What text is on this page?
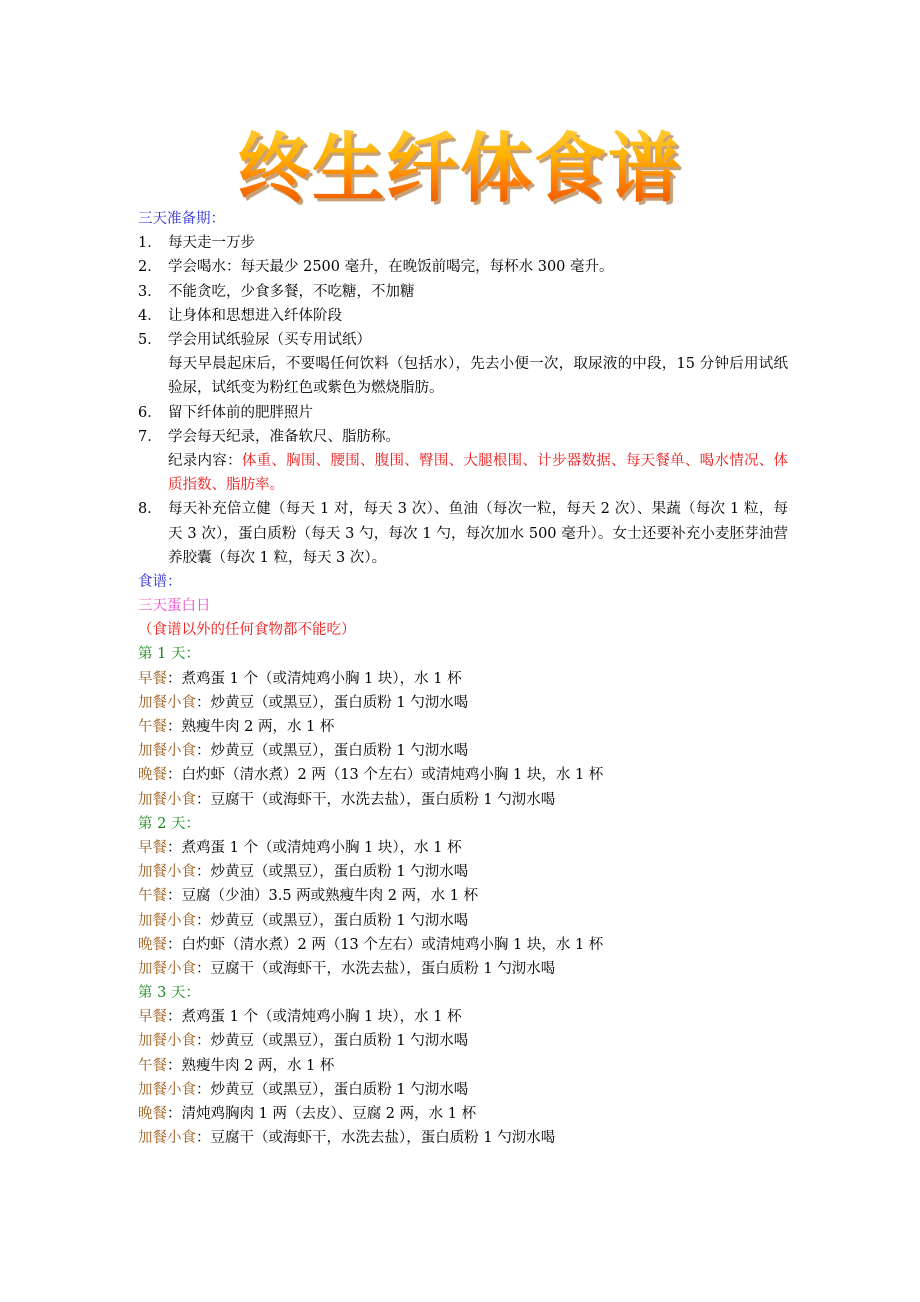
终生纤体食谱
三天准备期：
1． 每天走一万步
2． 学会喝水：每天最少 2500 毫升，在晚饭前喝完，每杯水 300 毫升。
3． 不能贪吃，少食多餐，不吃糖，不加糖
4． 让身体和思想进入纤体阶段
5． 学会用试纸验尿（买专用试纸）
每天早晨起床后，不要喝任何饮料（包括水），先去小便一次，取尿液的中段，15 分钟后用试纸验尿，试纸变为粉红色或紫色为燃烧脂肪。
6． 留下纤体前的肥胖照片
7． 学会每天纪录，准备软尺、脂肪称。
纪录内容：体重、胸围、腰围、腹围、臀围、大腿根围、计步器数据、每天餐单、喝水情况、体质指数、脂肪率。
8． 每天补充倍立健（每天 1 对，每天 3 次）、鱼油（每次一粒，每天 2 次）、果蔬（每次 1 粒，每天 3 次），蛋白质粉（每天 3 勺，每次 1 勺，每次加水 500 毫升）。女士还要补充小麦胚芽油营养胶囊（每次 1 粒，每天 3 次）。
食谱：
三天蛋白日
（食谱以外的任何食物都不能吃）
第 1 天：
早餐：煮鸡蛋 1 个（或清炖鸡小胸 1 块），水 1 杯
加餐小食：炒黄豆（或黑豆），蛋白质粉 1 勺沏水喝
午餐：熟瘦牛肉 2 两，水 1 杯
加餐小食：炒黄豆（或黑豆），蛋白质粉 1 勺沏水喝
晚餐：白灼虾（清水煮）2 两（13 个左右）或清炖鸡小胸 1 块，水 1 杯
加餐小食：豆腐干（或海虾干，水洗去盐），蛋白质粉 1 勺沏水喝
第 2 天：
早餐：煮鸡蛋 1 个（或清炖鸡小胸 1 块），水 1 杯
加餐小食：炒黄豆（或黑豆），蛋白质粉 1 勺沏水喝
午餐：豆腐（少油）3.5 两或熟瘦牛肉 2 两，水 1 杯
加餐小食：炒黄豆（或黑豆），蛋白质粉 1 勺沏水喝
晚餐：白灼虾（清水煮）2 两（13 个左右）或清炖鸡小胸 1 块，水 1 杯
加餐小食：豆腐干（或海虾干，水洗去盐），蛋白质粉 1 勺沏水喝
第 3 天：
早餐：煮鸡蛋 1 个（或清炖鸡小胸 1 块），水 1 杯
加餐小食：炒黄豆（或黑豆），蛋白质粉 1 勺沏水喝
午餐：熟瘦牛肉 2 两，水 1 杯
加餐小食：炒黄豆（或黑豆），蛋白质粉 1 勺沏水喝
晚餐：清炖鸡胸肉 1 两（去皮）、豆腐 2 两，水 1 杯
加餐小食：豆腐干（或海虾干，水洗去盐），蛋白质粉 1 勺沏水喝
